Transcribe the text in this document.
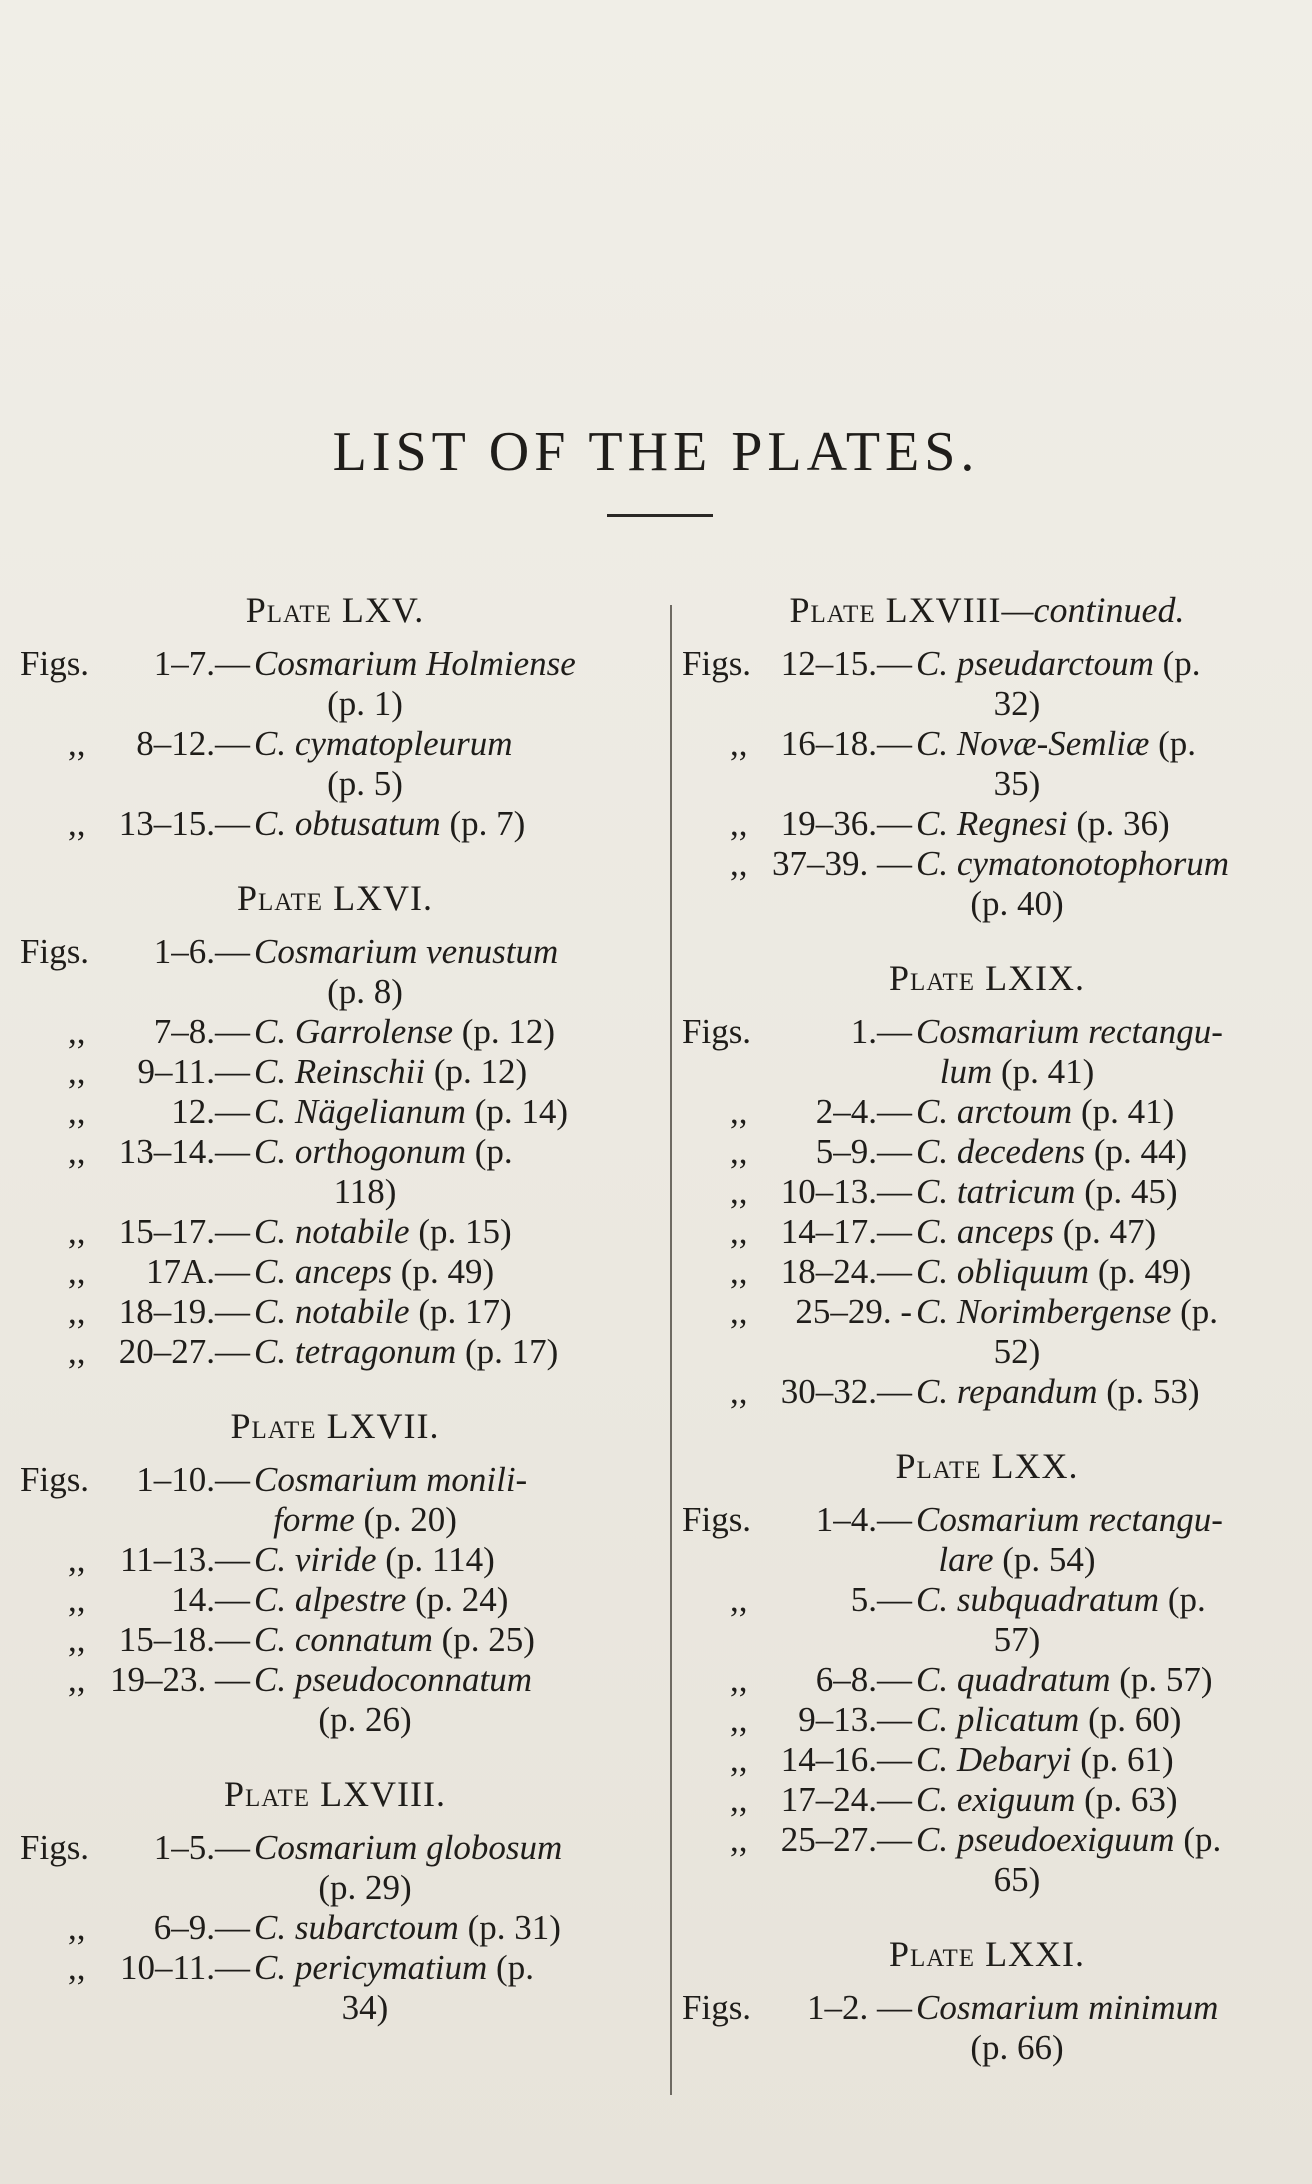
LIST OF THE PLATES.
Plate LXV.
Figs.	1–7.— Cosmarium Holmiense
(p. 1)
,,	8–12.— C. cymatopleurum
(p. 5)
,, 13–15.— C. obtusatum (p. 7)
Plate LXVI.
Figs.	1–6.— Cosmarium venustum
(p. 8)
,,	7–8.— C. Garrolense (p. 12)
,,	9–11.— C. Reinschii (p. 12)
,,	12.— C. Nägelianum (p. 14)
,, 13–14.— C. orthogonum (p.
118)
,, 15–17.— C. notabile (p. 15)
,,	17A.— C. anceps (p. 49)
,, 18–19.— C. notabile (p. 17)
,, 20–27.— C. tetragonum (p. 17)
Plate LXVII.
Figs.	1–10.— Cosmarium monili-
forme (p. 20)
,, 11–13.— C. viride (p. 114)
,,	14.— C. alpestre (p. 24)
,, 15–18.— C. connatum (p. 25)
,, 19–23. — C. pseudoconnatum
(p. 26)
Plate LXVIII.
Figs.	1–5.— Cosmarium globosum
(p. 29)
,,	6–9.— C. subarctoum (p. 31)
,, 10–11.— C. pericymatium (p.
34)
Plate LXVIII—continued.
Figs. 12–15.— C. pseudarctoum (p.
32)
,, 16–18.— C. Novæ-Semliæ (p.
35)
,, 19–36.— C. Regnesi (p. 36)
,, 37–39. — C. cymatonotophorum
(p. 40)
Plate LXIX.
Figs.	1.— Cosmarium rectangu-
lum (p. 41)
,,	2–4.— C. arctoum (p. 41)
,,	5–9.— C. decedens (p. 44)
,, 10–13.— C. tatricum (p. 45)
,, 14–17.— C. anceps (p. 47)
,, 18–24.— C. obliquum (p. 49)
,,	25–29. - C. Norimbergense (p.
52)
,, 30–32.— C. repandum (p. 53)
Plate LXX.
Figs.	1–4.— Cosmarium rectangu-
lare (p. 54)
,,	5.— C. subquadratum (p.
57)
,,	6–8.— C. quadratum (p. 57)
,,	9–13.— C. plicatum (p. 60)
,, 14–16.— C. Debaryi (p. 61)
,, 17–24.— C. exiguum (p. 63)
,, 25–27.— C. pseudoexiguum (p.
65)
Plate LXXI.
Figs.	1–2. — Cosmarium minimum
(p. 66)
